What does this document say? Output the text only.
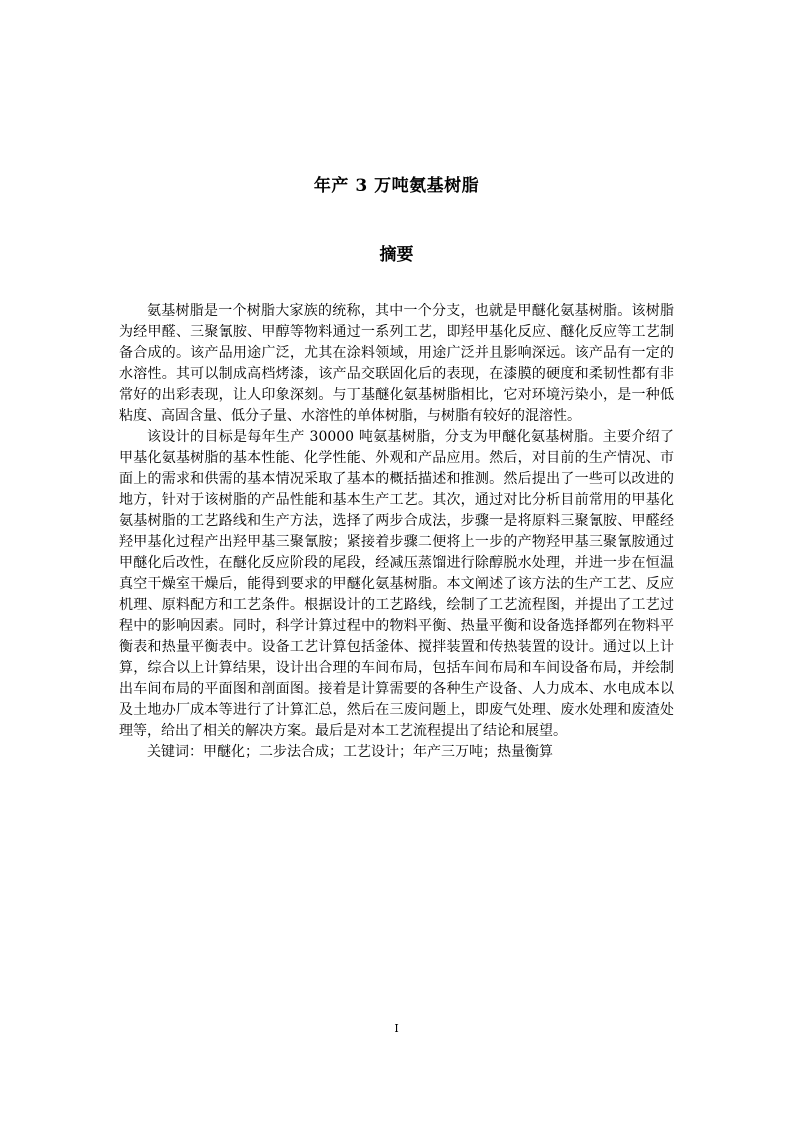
年产 3 万吨氨基树脂
摘要

氨基树脂是一个树脂大家族的统称，其中一个分支，也就是甲醚化氨基树脂。该树脂为经甲醛、三聚氰胺、甲醇等物料通过一系列工艺，即羟甲基化反应、醚化反应等工艺制备合成的。该产品用途广泛，尤其在涂料领域，用途广泛并且影响深远。该产品有一定的水溶性。其可以制成高档烤漆，该产品交联固化后的表现，在漆膜的硬度和柔韧性都有非常好的出彩表现，让人印象深刻。与丁基醚化氨基树脂相比，它对环境污染小，是一种低粘度、高固含量、低分子量、水溶性的单体树脂，与树脂有较好的混溶性。

该设计的目标是每年生产 30000 吨氨基树脂，分支为甲醚化氨基树脂。主要介绍了甲基化氨基树脂的基本性能、化学性能、外观和产品应用。然后，对目前的生产情况、市面上的需求和供需的基本情况采取了基本的概括描述和推测。然后提出了一些可以改进的地方，针对于该树脂的产品性能和基本生产工艺。其次，通过对比分析目前常用的甲基化氨基树脂的工艺路线和生产方法，选择了两步合成法，步骤一是将原料三聚氰胺、甲醛经羟甲基化过程产出羟甲基三聚氰胺；紧接着步骤二便将上一步的产物羟甲基三聚氰胺通过甲醚化后改性，在醚化反应阶段的尾段，经减压蒸馏进行除醇脱水处理，并进一步在恒温真空干燥室干燥后，能得到要求的甲醚化氨基树脂。本文阐述了该方法的生产工艺、反应机理、原料配方和工艺条件。根据设计的工艺路线，绘制了工艺流程图，并提出了工艺过程中的影响因素。同时，科学计算过程中的物料平衡、热量平衡和设备选择都列在物料平衡表和热量平衡表中。设备工艺计算包括釜体、搅拌装置和传热装置的设计。通过以上计算，综合以上计算结果，设计出合理的车间布局，包括车间布局和车间设备布局，并绘制出车间布局的平面图和剖面图。接着是计算需要的各种生产设备、人力成本、水电成本以及土地办厂成本等进行了计算汇总，然后在三废问题上，即废气处理、废水处理和废渣处理等，给出了相关的解决方案。最后是对本工艺流程提出了结论和展望。

关键词：甲醚化；二步法合成；工艺设计；年产三万吨；热量衡算

I
